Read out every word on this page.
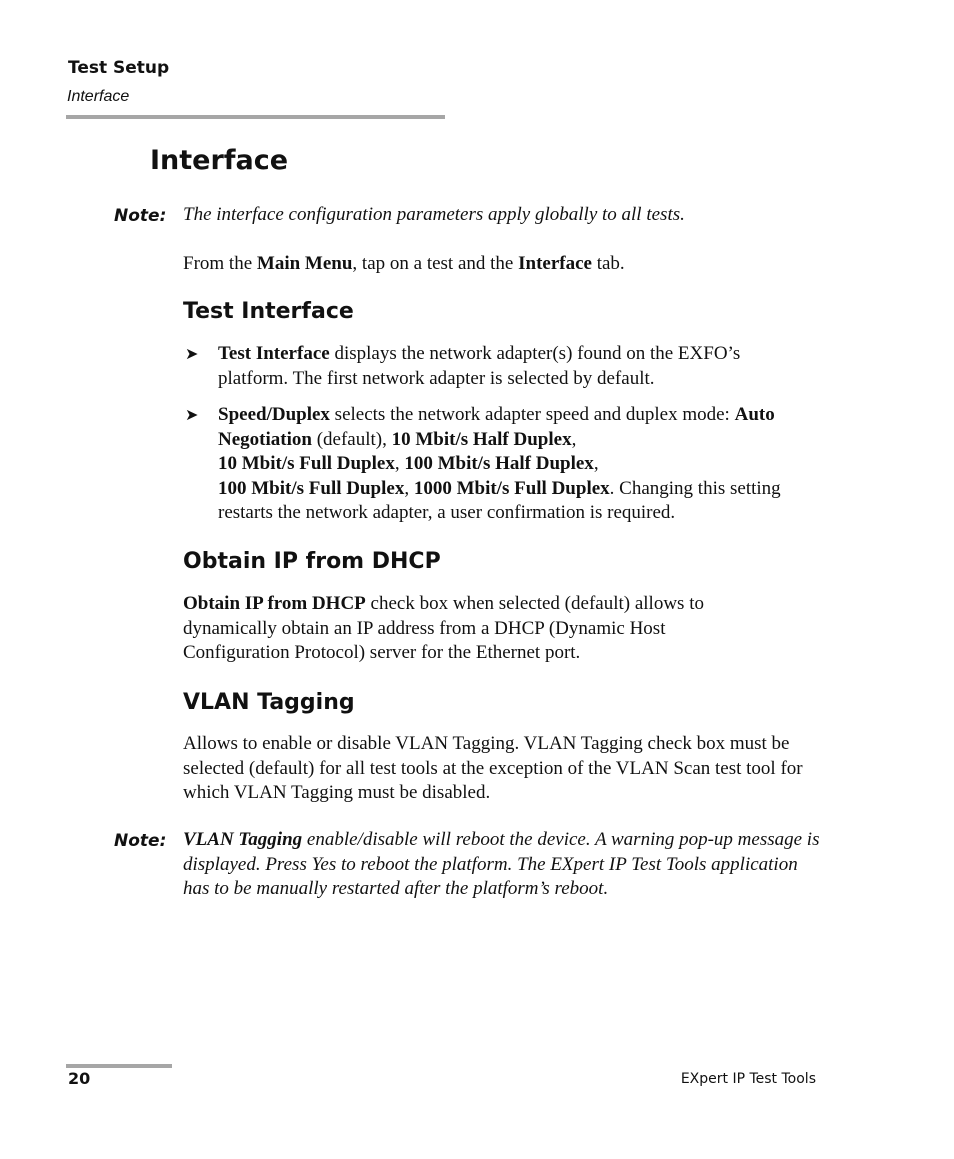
Test Setup
Interface
Interface
Note: The interface configuration parameters apply globally to all tests.
From the Main Menu, tap on a test and the Interface tab.
Test Interface
➤ Test Interface displays the network adapter(s) found on the EXFO’s platform. The first network adapter is selected by default.
➤ Speed/Duplex selects the network adapter speed and duplex mode: Auto Negotiation (default), 10 Mbit/s Half Duplex,
10 Mbit/s Full Duplex, 100 Mbit/s Half Duplex,
100 Mbit/s Full Duplex, 1000 Mbit/s Full Duplex. Changing this setting restarts the network adapter, a user confirmation is required.
Obtain IP from DHCP
Obtain IP from DHCP check box when selected (default) allows to dynamically obtain an IP address from a DHCP (Dynamic Host Configuration Protocol) server for the Ethernet port.
VLAN Tagging
Allows to enable or disable VLAN Tagging. VLAN Tagging check box must be selected (default) for all test tools at the exception of the VLAN Scan test tool for which VLAN Tagging must be disabled.
Note: VLAN Tagging enable/disable will reboot the device. A warning pop-up message is displayed. Press Yes to reboot the platform. The EXpert IP Test Tools application has to be manually restarted after the platform’s reboot.
20	EXpert IP Test Tools
